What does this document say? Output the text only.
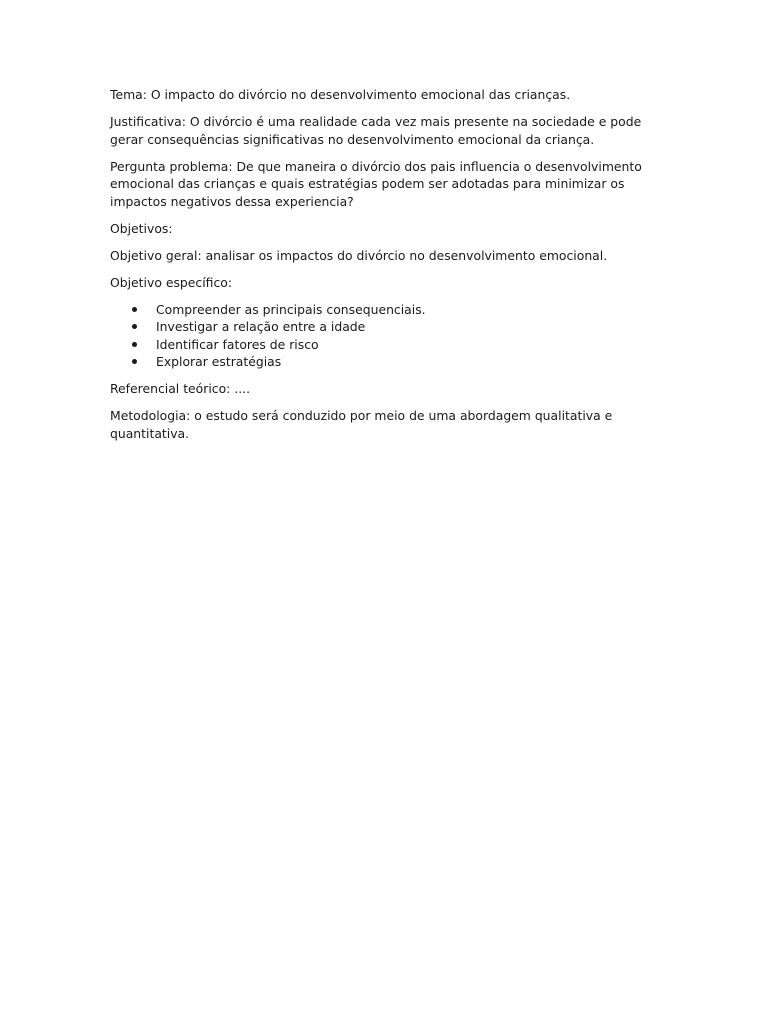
Tema: O impacto do divórcio no desenvolvimento emocional das crianças.

Justificativa: O divórcio é uma realidade cada vez mais presente na sociedade e pode gerar consequências significativas no desenvolvimento emocional da criança.

Pergunta problema: De que maneira o divórcio dos pais influencia o desenvolvimento emocional das crianças e quais estratégias podem ser adotadas para minimizar os impactos negativos dessa experiencia?

Objetivos:

Objetivo geral: analisar os impactos do divórcio no desenvolvimento emocional.

Objetivo específico:

Compreender as principais consequenciais.
Investigar a relação entre a idade
Identificar fatores de risco
Explorar estratégias

Referencial teórico: ....

Metodologia: o estudo será conduzido por meio de uma abordagem qualitativa e quantitativa.
